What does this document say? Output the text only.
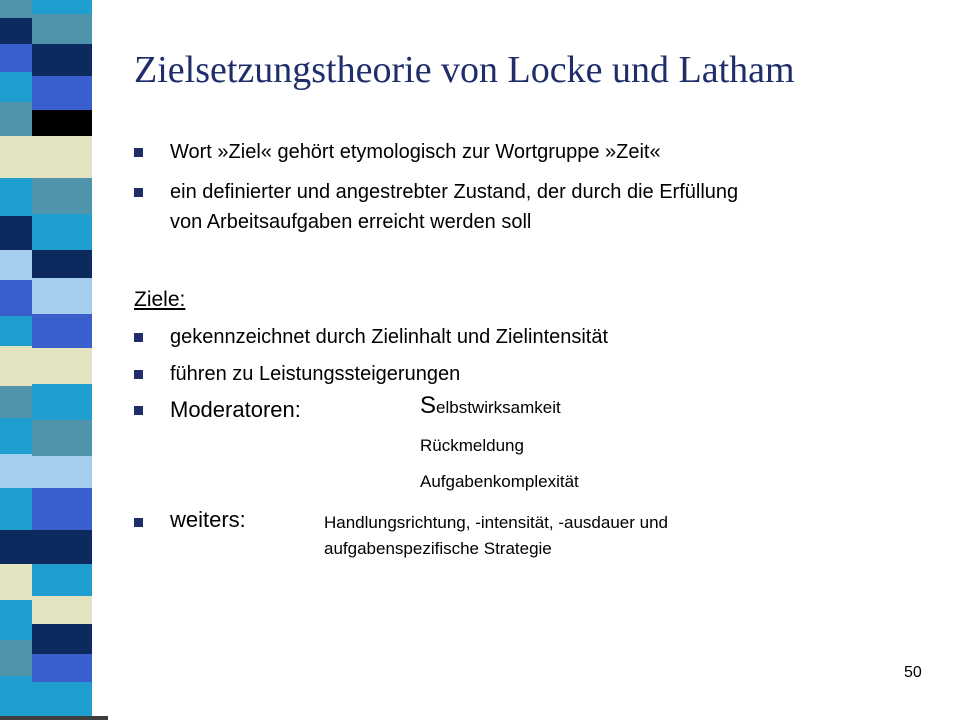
Zielsetzungstheorie von Locke und Latham
Wort »Ziel« gehört etymologisch zur Wortgruppe »Zeit«
ein definierter und angestrebter Zustand, der durch die Erfüllung
von Arbeitsaufgaben erreicht werden soll
Ziele:
gekennzeichnet durch Zielinhalt und Zielintensität
führen zu Leistungssteigerungen
Moderatoren:	Selbstwirksamkeit
Rückmeldung
Aufgabenkomplexität
weiters:	Handlungsrichtung, -intensität, -ausdauer und
aufgabenspezifische Strategie
50
